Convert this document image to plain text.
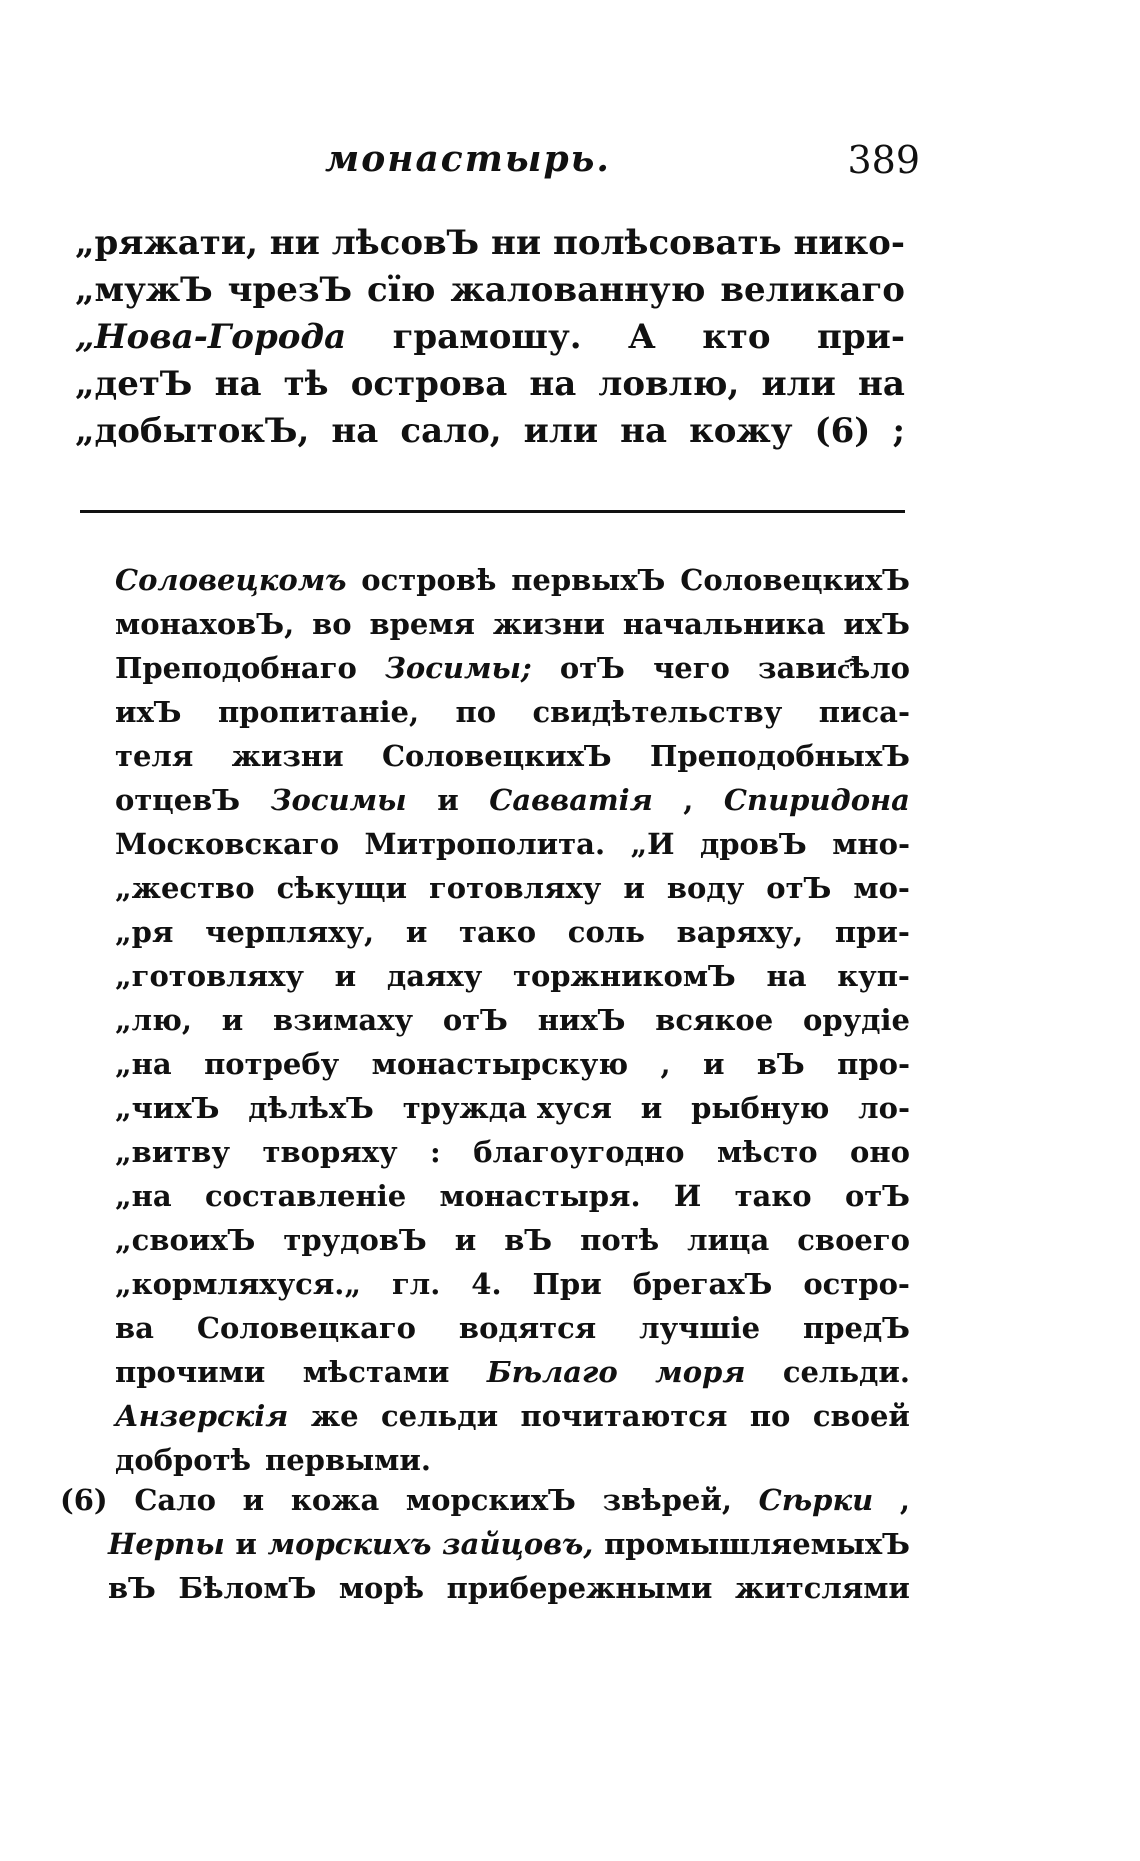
монастырь.	389
„ряжати, ни лѣсовЪ ни полѣсовать нико-
„мужЪ чрезЪ сїю жалованную великаго
„Нова-Города грамошу. А кто при-
„детЪ на тѣ острова на ловлю, или на
„добытокЪ, на сало, или на кожу (6) ;
Соловецкомъ островѣ первыхЪ СоловецкихЪ
монаховЪ, во время жизни начальника ихЪ
Преподобнаго Зосимы; отЪ чего завис҄ѣло
ихЪ пропитаніе, по свидѣтельству писа-
теля жизни СоловецкихЪ ПреподобныхЪ
отцевЪ Зосимы и Савватія , Спиридона
Московскаго Митрополита. „И дровЪ мно-
„жество сѣкущи готовляху и воду отЪ мо-
„ря черпляху, и тако соль варяху, при-
„готовляху и даяху торжникомЪ на куп-
„лю, и взимаху отЪ нихЪ всякое орудіе
„на потребу монастырскую , и вЪ про-
„чихЪ дѣлѣхЪ тружда хуся и рыбную ло-
„витву творяху : благоугодно мѣсто оно
„на составленіе монастыря. И тако отЪ
„своихЪ трудовЪ и вЪ потѣ лица своего
„кормляхуся.„ гл. 4. При брегахЪ остро-
ва Соловецкаго водятся лучшіе предЪ
прочими мѣстами Бѣлаго моря сельди.
Анзерскія же сельди почитаются по своей
добротѣ первыми.
(6) Сало и кожа морскихЪ звѣрей, Сѣрки ,
Нерпы и морскихъ зайцовъ, промышляемыхЪ
вЪ БѣломЪ морѣ прибережными житслями
